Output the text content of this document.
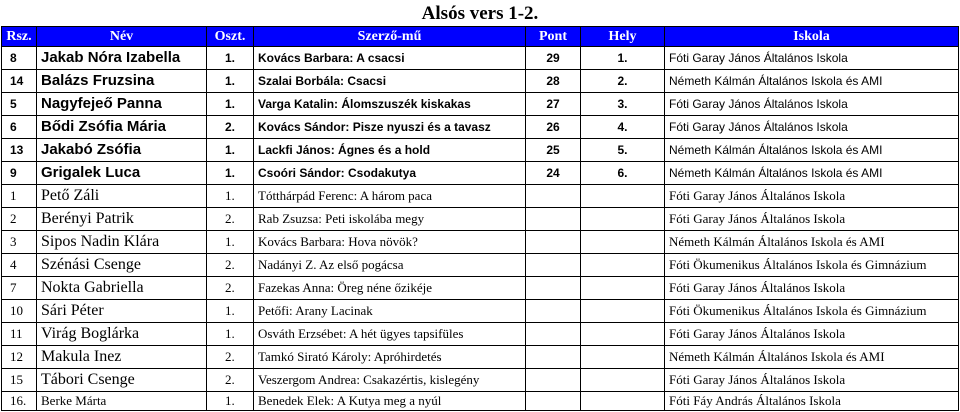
Alsós vers 1-2.
Rsz.	Név	Oszt.	Szerző-mű	Pont	Hely	Iskola
8	Jakab Nóra Izabella	1.	Kovács Barbara: A csacsi	29	1.	Fóti Garay János Általános Iskola
14	Balázs Fruzsina	1.	Szalai Borbála: Csacsi	28	2.	Németh Kálmán Általános Iskola és AMI
5	Nagyfejeő Panna	1.	Varga Katalin: Álomszuszék kiskakas	27	3.	Fóti Garay János Általános Iskola
6	Bődi Zsófia Mária	2.	Kovács Sándor: Pisze nyuszi és a tavasz	26	4.	Fóti Garay János Általános Iskola
13	Jakabó Zsófia	1.	Lackfi János: Ágnes és a hold	25	5.	Németh Kálmán Általános Iskola és AMI
9	Grigalek Luca	1.	Csoóri Sándor: Csodakutya	24	6.	Németh Kálmán Általános Iskola és AMI
1	Pető Záli	1.	Tótthárpád Ferenc: A három paca			Fóti Garay János Általános Iskola
2	Berényi Patrik	2.	Rab Zsuzsa: Peti iskolába megy			Fóti Garay János Általános Iskola
3	Sipos Nadin Klára	1.	Kovács Barbara: Hova növök?			Németh Kálmán Általános Iskola és AMI
4	Szénási Csenge	2.	Nadányi Z. Az első pogácsa			Fóti Ökumenikus Általános Iskola és Gimnázium
7	Nokta Gabriella	2.	Fazekas Anna: Öreg néne őzikéje			Fóti Garay János Általános Iskola
10	Sári Péter	1.	Petőfi: Arany Lacinak			Fóti Ökumenikus Általános Iskola és Gimnázium
11	Virág Boglárka	1.	Osváth Erzsébet: A hét ügyes tapsifüles			Fóti Garay János Általános Iskola
12	Makula Inez	2.	Tamkó Sirató Károly: Apróhirdetés			Németh Kálmán Általános Iskola és AMI
15	Tábori Csenge	2.	Veszergom Andrea: Csakazértis, kislegény			Fóti Garay János Általános Iskola
16.	Berke Márta	1.	Benedek Elek: A Kutya meg a nyúl			Fóti Fáy András Általános Iskola
